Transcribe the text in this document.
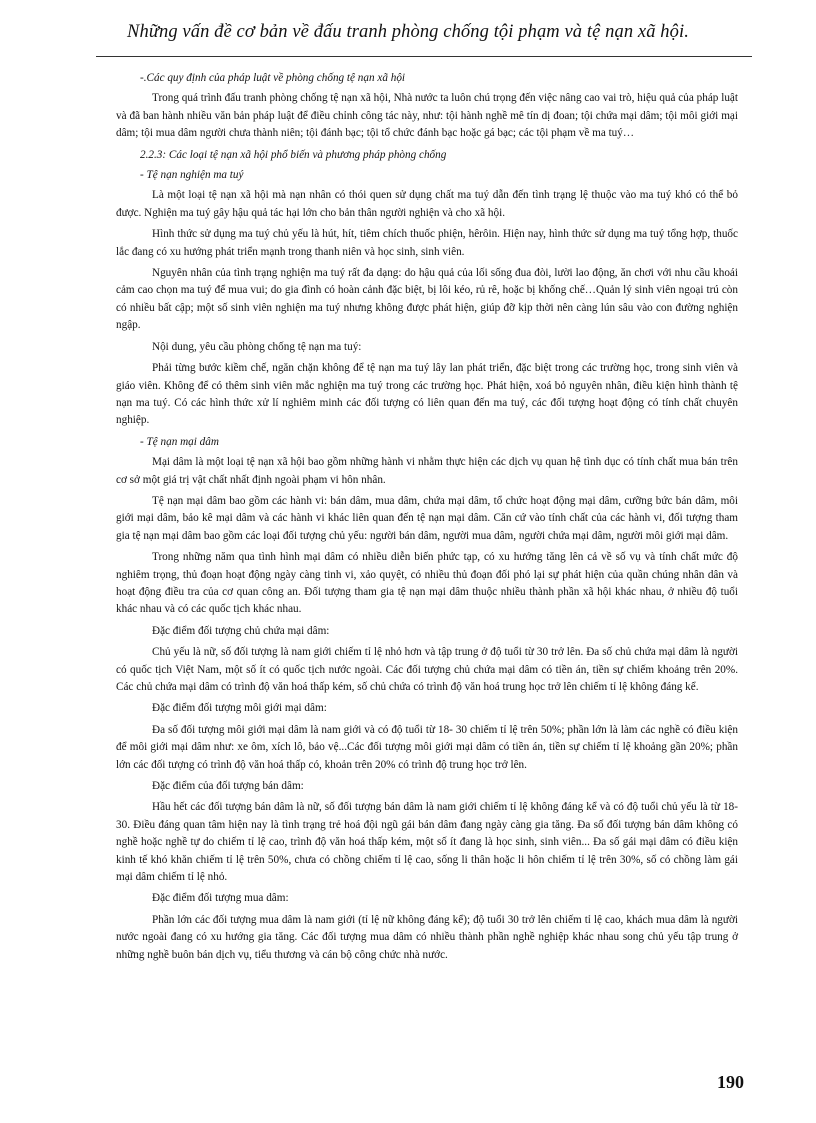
Những vấn đề cơ bản về đấu tranh phòng chống tội phạm và tệ nạn xã hội.

-.Các quy định của pháp luật về phòng chống tệ nạn xã hội

Trong quá trình đấu tranh phòng chống tệ nạn xã hội, Nhà nước ta luôn chú trọng đến việc nâng cao vai trò, hiệu quả của pháp luật và đã ban hành nhiều văn bản pháp luật để điều chỉnh công tác này, như: tội hành nghề mê tín dị đoan; tội chứa mại dâm; tội môi giới mại dâm; tội mua dâm người chưa thành niên; tội đánh bạc; tội tổ chức đánh bạc hoặc gá bạc; các tội phạm về ma tuý…

2.2.3: Các loại tệ nạn xã hội phổ biến và phương pháp phòng chống

- Tệ nạn nghiện ma tuý

Là một loại tệ nạn xã hội mà nạn nhân có thói quen sử dụng chất ma tuý dẫn đến tình trạng lệ thuộc vào ma tuý khó có thể bỏ được. Nghiện ma tuý gây hậu quả tác hại lớn cho bản thân người nghiện và cho xã hội.

Hình thức sử dụng ma tuý chủ yếu là hút, hít, tiêm chích thuốc phiện, hêrôin. Hiện nay, hình thức sử dụng ma tuý tổng hợp, thuốc lắc đang có xu hướng phát triển mạnh trong thanh niên và học sinh, sinh viên.

Nguyên nhân của tình trạng nghiện ma tuý rất đa dạng: do hậu quả của lối sống đua đòi, lười lao động, ăn chơi với nhu cầu khoái cảm cao chọn ma tuý để mua vui; do gia đình có hoàn cảnh đặc biệt, bị lôi kéo, rủ rê, hoặc bị khống chế…Quản lý sinh viên ngoại trú còn có nhiều bất cập; một số sinh viên nghiện ma tuý nhưng không được phát hiện, giúp đỡ kịp thời nên càng lún sâu vào con đường nghiện ngập.

Nội dung, yêu cầu phòng chống tệ nạn ma tuý:

Phải từng bước kiềm chế, ngăn chặn không để tệ nạn ma tuý lây lan phát triển, đặc biệt trong các trường học, trong sinh viên và giáo viên. Không để có thêm sinh viên mắc nghiện ma tuý trong các trường học. Phát hiện, xoá bỏ nguyên nhân, điều kiện hình thành tệ nạn ma tuý. Có các hình thức xử lí nghiêm minh các đối tượng có liên quan đến ma tuý, các đối tượng hoạt động có tính chất chuyên nghiệp.

- Tệ nạn mại dâm

Mại dâm là một loại tệ nạn xã hội bao gồm những hành vi nhằm thực hiện các dịch vụ quan hệ tình dục có tính chất mua bán trên cơ sở một giá trị vật chất nhất định ngoài phạm vi hôn nhân.

Tệ nạn mại dâm bao gồm các hành vi: bán dâm, mua dâm, chứa mại dâm, tổ chức hoạt động mại dâm, cưỡng bức bán dâm, môi giới mại dâm, bảo kê mại dâm và các hành vi khác liên quan đến tệ nạn mại dâm. Căn cứ vào tính chất của các hành vi, đối tượng tham gia tệ nạn mại dâm bao gồm các loại đối tượng chủ yếu: người bán dâm, người mua dâm, người chứa mại dâm, người môi giới mại dâm.

Trong những năm qua tình hình mại dâm có nhiều diễn biến phức tạp, có xu hướng tăng lên cả về số vụ và tính chất mức độ nghiêm trọng, thủ đoạn hoạt động ngày càng tinh vi, xảo quyệt, có nhiều thủ đoạn đối phó lại sự phát hiện của quần chúng nhân dân và hoạt động điều tra của cơ quan công an. Đối tượng tham gia tệ nạn mại dâm thuộc nhiều thành phần xã hội khác nhau, ở nhiều độ tuổi khác nhau và có các quốc tịch khác nhau.

Đặc điểm đối tượng chủ chứa mại dâm:

Chủ yếu là nữ, số đối tượng là nam giới chiếm tỉ lệ nhỏ hơn và tập trung ở độ tuổi từ 30 trở lên. Đa số chủ chứa mại dâm là người có quốc tịch Việt Nam, một số ít có quốc tịch nước ngoài. Các đối tượng chủ chứa mại dâm có tiền án, tiền sự chiếm khoảng trên 20%. Các chủ chứa mại dâm có trình độ văn hoá thấp kém, số chủ chứa có trình độ văn hoá trung học trở lên chiếm tỉ lệ không đáng kể.

Đặc điểm đối tượng môi giới mại dâm:

Đa số đối tượng môi giới mại dâm là nam giới và có độ tuổi từ 18- 30 chiếm tỉ lệ trên 50%; phần lớn là làm các nghề có điều kiện để môi giới mại dâm như: xe ôm, xích lô, bảo vệ...Các đối tượng môi giới mại dâm có tiền án, tiền sự chiếm tỉ lệ khoảng gần 20%; phần lớn các đối tượng có trình độ văn hoá thấp có, khoản trên 20% có trình độ trung học trở lên.

Đặc điểm của đối tượng bán dâm:

Hầu hết các đối tượng bán dâm là nữ, số đối tượng bán dâm là nam giới chiếm tỉ lệ không đáng kể và có độ tuổi chủ yếu là từ 18- 30. Điều đáng quan tâm hiện nay là tình trạng trẻ hoá đội ngũ gái bán dâm đang ngày càng gia tăng. Đa số đối tượng bán dâm không có nghề hoặc nghề tự do chiếm tỉ lệ cao, trình độ văn hoá thấp kém, một số ít đang là học sinh, sinh viên... Đa số gái mại dâm có điều kiện kinh tế khó khăn chiếm tỉ lệ trên 50%, chưa có chồng chiếm tỉ lệ cao, sống li thân hoặc li hôn chiếm tỉ lệ trên 30%, số có chồng làm gái mại dâm chiếm tỉ lệ nhỏ.

Đặc điểm đối tượng mua dâm:

Phần lớn các đối tượng mua dâm là nam giới (tỉ lệ nữ không đáng kể); độ tuổi 30 trở lên chiếm tỉ lệ cao, khách mua dâm là người nước ngoài đang có xu hướng gia tăng. Các đối tượng mua dâm có nhiều thành phần nghề nghiệp khác nhau song chủ yếu tập trung ở những nghề buôn bán dịch vụ, tiểu thương và cán bộ công chức nhà nước.

190
